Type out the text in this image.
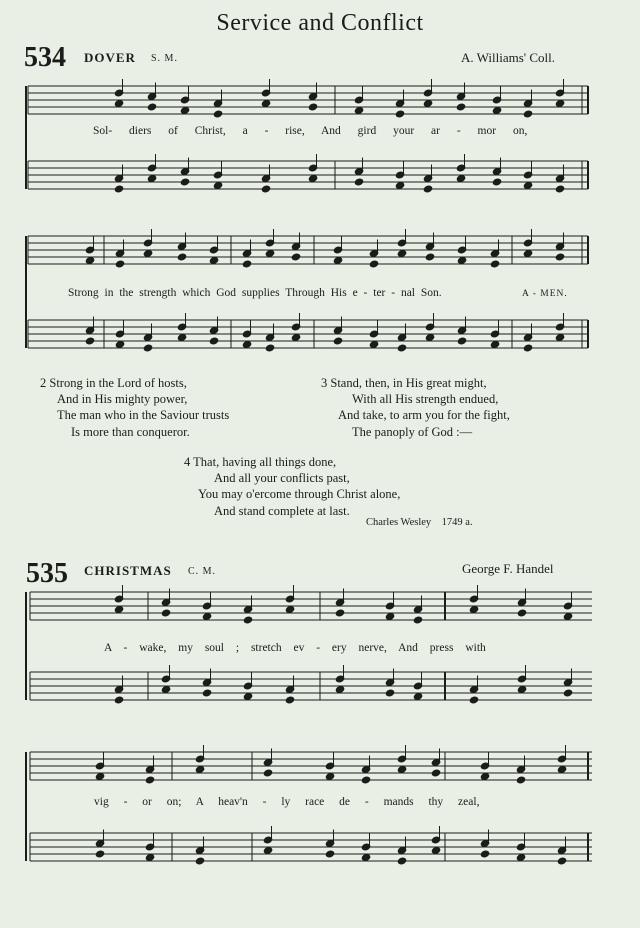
Service and Conflict
534 DOVER S. M.	A. Williams' Coll.
Sol- diers of Christ, a - rise, And gird your ar - mor on,
Strong in the strength which God supplies Through His e - ter - nal Son.	A - MEN.
2 Strong in the Lord of hosts,
And in His mighty power,
The man who in the Saviour trusts
Is more than conqueror.
3 Stand, then, in His great might,
With all His strength endued,
And take, to arm you for the fight,
The panoply of God :—
4 That, having all things done,
And all your conflicts past,
You may o'ercome through Christ alone,
And stand complete at last.
Charles Wesley 1749 a.
535 CHRISTMAS C. M.	George F. Handel
A - wake, my soul ; stretch ev - ery nerve, And press with
vig - or on; A heav'n - ly race de - mands thy zeal,
